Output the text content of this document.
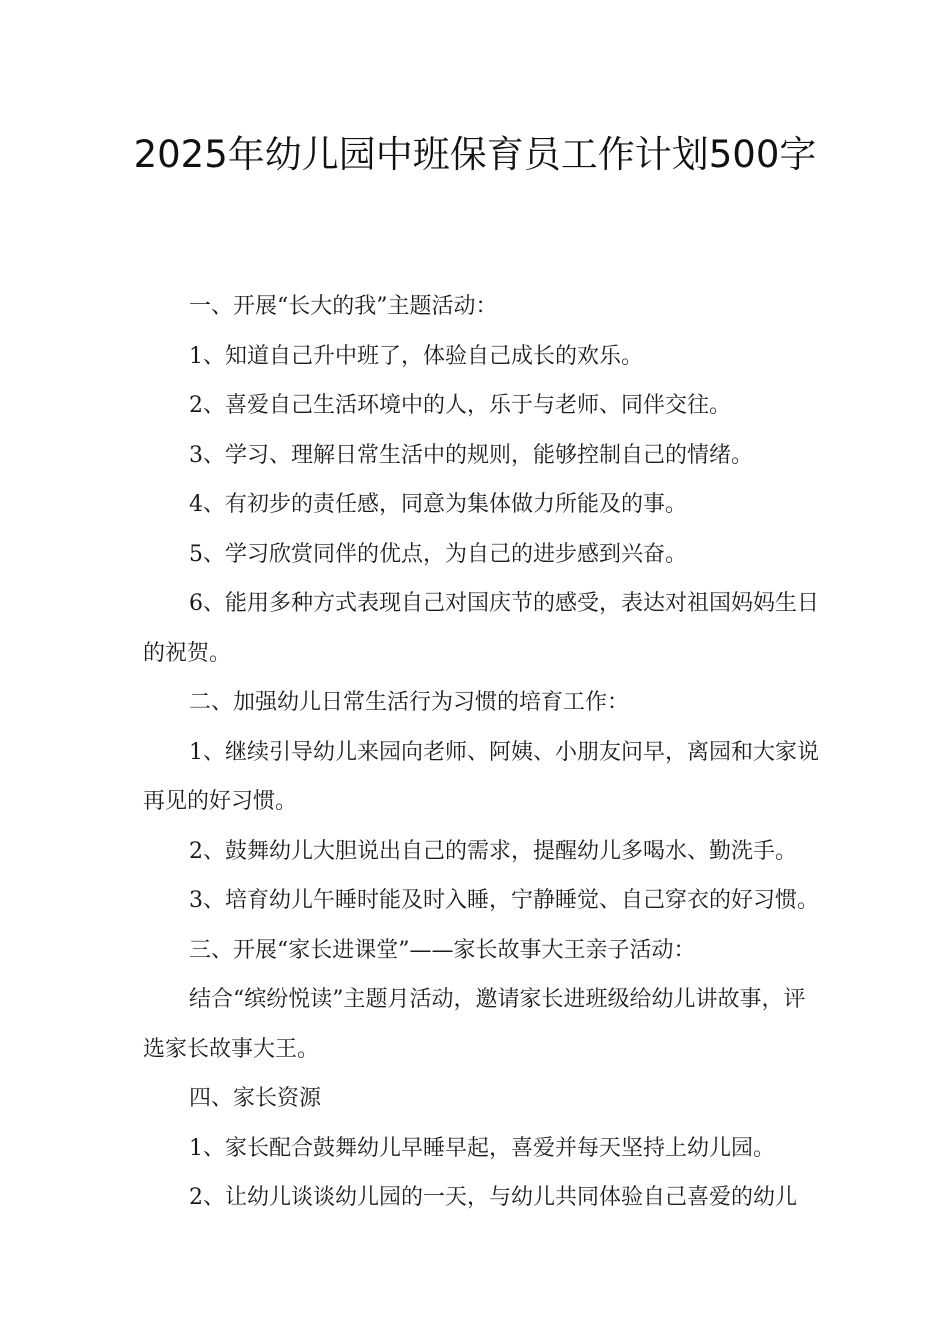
2025年幼儿园中班保育员工作计划500字

一、开展“长大的我”主题活动：

1、知道自己升中班了，体验自己成长的欢乐。

2、喜爱自己生活环境中的人，乐于与老师、同伴交往。

3、学习、理解日常生活中的规则，能够控制自己的情绪。

4、有初步的责任感，同意为集体做力所能及的事。

5、学习欣赏同伴的优点，为自己的进步感到兴奋。

6、能用多种方式表现自己对国庆节的感受，表达对祖国妈妈生日的祝贺。

二、加强幼儿日常生活行为习惯的培育工作：

1、继续引导幼儿来园向老师、阿姨、小朋友问早，离园和大家说再见的好习惯。

2、鼓舞幼儿大胆说出自己的需求，提醒幼儿多喝水、勤洗手。

3、培育幼儿午睡时能及时入睡，宁静睡觉、自己穿衣的好习惯。

三、开展“家长进课堂”——家长故事大王亲子活动：

结合“缤纷悦读”主题月活动，邀请家长进班级给幼儿讲故事，评选家长故事大王。

四、家长资源

1、家长配合鼓舞幼儿早睡早起，喜爱并每天坚持上幼儿园。

2、让幼儿谈谈幼儿园的一天，与幼儿共同体验自己喜爱的幼儿
